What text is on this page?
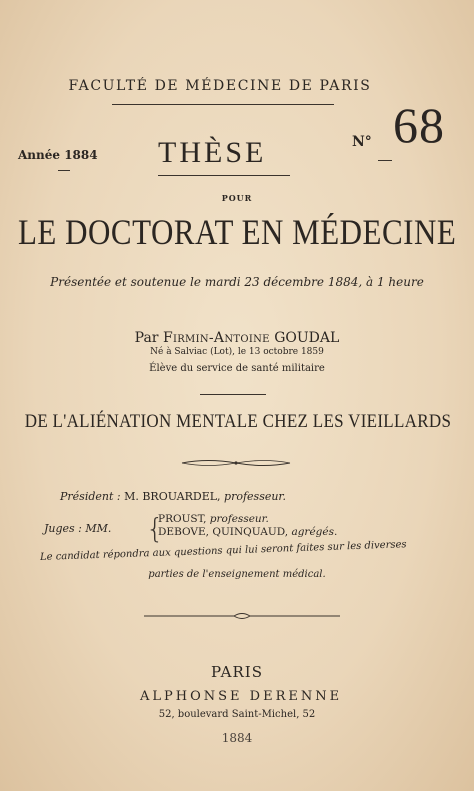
FACULTÉ DE MÉDECINE DE PARIS
Année 1884 THÈSE	N° 68
POUR
LE DOCTORAT EN MÉDECINE
Présentée et soutenue le mardi 23 décembre 1884, à 1 heure
Par Firmin-Antoine GOUDAL
Né à Salviac (Lot), le 13 octobre 1859
Élève du service de santé militaire
DE L'ALIÉNATION MENTALE CHEZ LES VIEILLARDS
Président : M. BROUARDEL, professeur.
Juges : MM. {
PROUST, professeur.
DEBOVE, QUINQUAUD, agrégés.
Le candidat répondra aux questions qui lui seront faites sur les diverses
parties de l'enseignement médical.
PARIS
ALPHONSE DERENNE
52, boulevard Saint-Michel, 52
1884
